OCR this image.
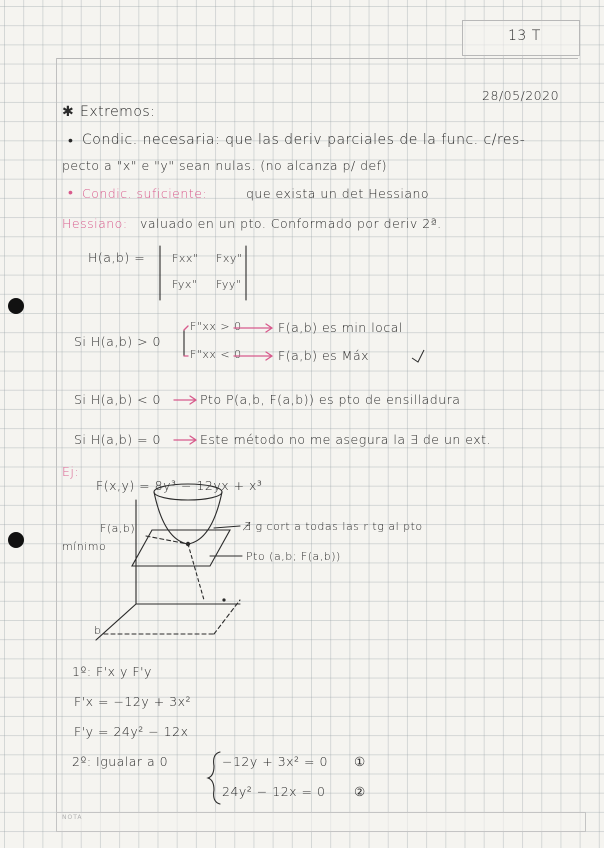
NOTA
13 T
28/05/2020
✱ Extremos:
• Condic. necesaria: que las deriv parciales de la func. c/res-
pecto a "x" e "y" sean nulas. (no alcanza p/ def)
• Condic. suficiente:	que exista un det Hessiano
Hessiano: valuado en un pto. Conformado por deriv 2ª.
H(a,b) = Fxx" Fxy"
Fyx" Fyy"
Si H(a,b) > 0
F"xx > 0	F(a,b) es min local
F"xx < 0	F(a,b) es Máx
Si H(a,b) < 0	Pto P(a,b, F(a,b)) es pto de ensilladura
Si H(a,b) = 0	Este método no me asegura la ∃ de un ext.
Ej:
F(x,y) = 8y³ − 12yx + x³
F(a,b)
mínimo
∄ g cort a todas las r tg al pto
Pto (a,b; F(a,b))
b
1º: F'x y F'y
F'x = −12y + 3x²
F'y = 24y² − 12x
2º: Igualar a 0	−12y + 3x² = 0 ①
24y² − 12x = 0 ②
